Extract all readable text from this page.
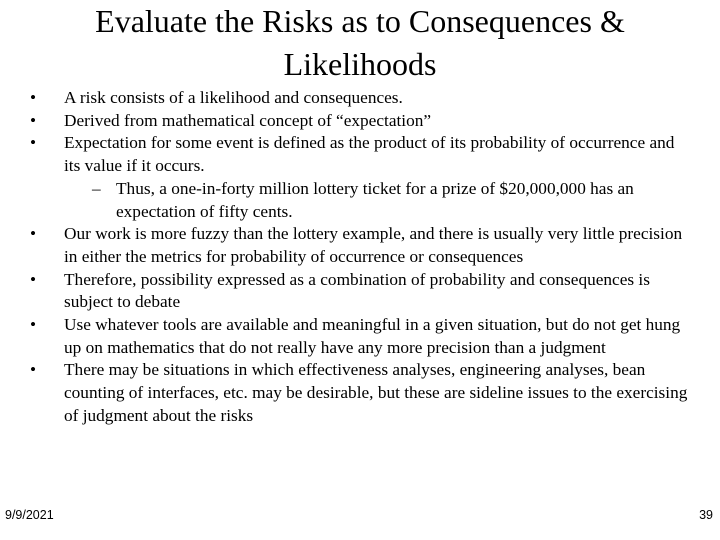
Evaluate the Risks as to Consequences & Likelihoods
•	A risk consists of a likelihood and consequences.
•	Derived from mathematical concept of “expectation”
•	Expectation for some event is defined as the product of its probability of occurrence and its value if it occurs.
– Thus, a one-in-forty million lottery ticket for a prize of $20,000,000 has an expectation of fifty cents.
•	Our work is more fuzzy than the lottery example, and there is usually very little precision in either the metrics for probability of occurrence or consequences
•	Therefore, possibility expressed as a combination of probability and consequences is subject to debate
•	Use whatever tools are available and meaningful in a given situation, but do not get hung up on mathematics that do not really have any more precision than a judgment
•	There may be situations in which effectiveness analyses, engineering analyses, bean counting of interfaces, etc. may be desirable, but these are sideline issues to the exercising of judgment about the risks
9/9/2021	39
